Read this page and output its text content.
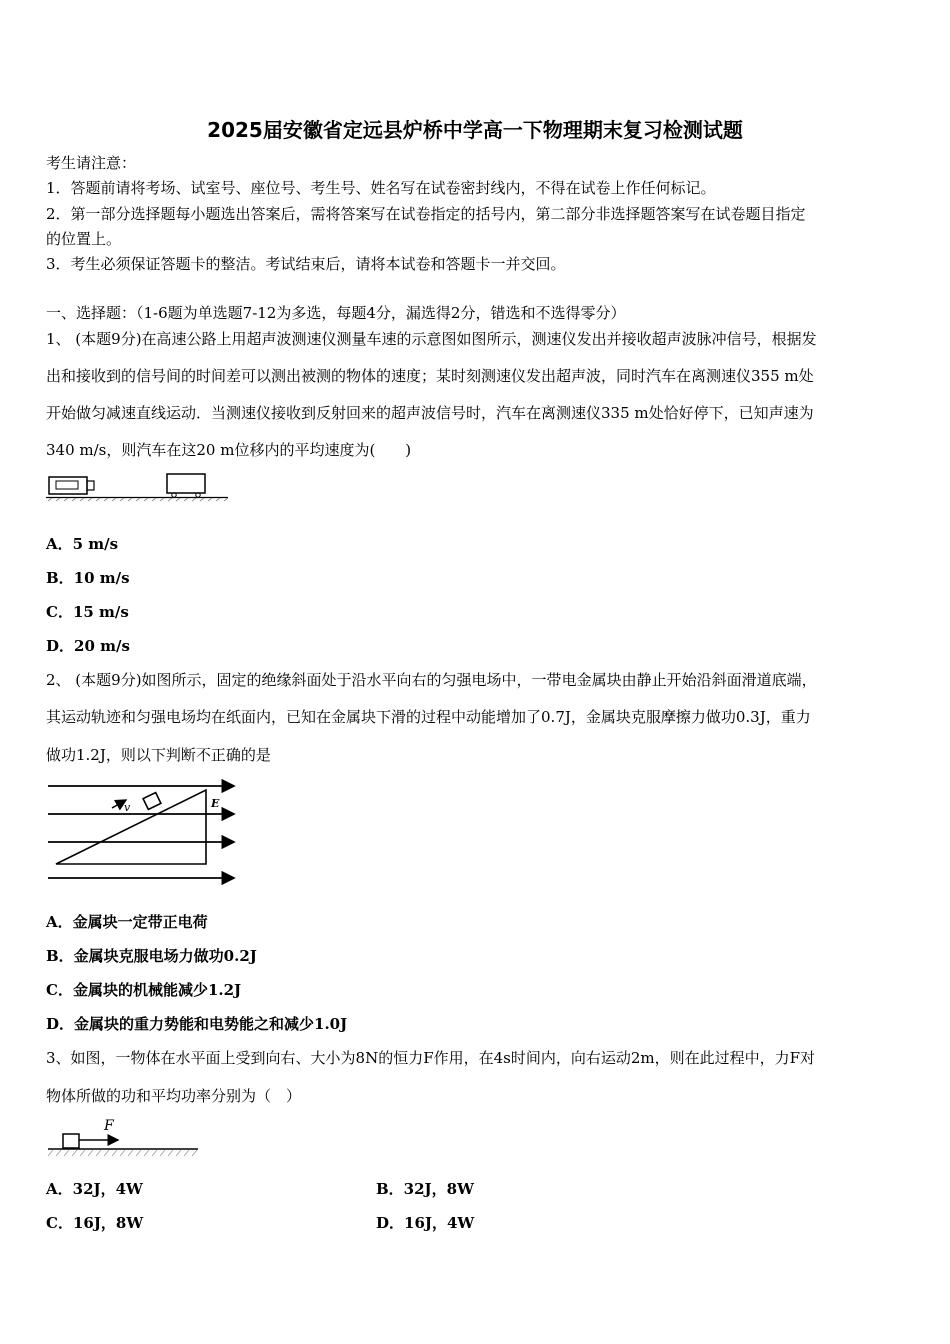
2025届安徽省定远县炉桥中学高一下物理期末复习检测试题
考生请注意：
1．答题前请将考场、试室号、座位号、考生号、姓名写在试卷密封线内，不得在试卷上作任何标记。
2．第一部分选择题每小题选出答案后，需将答案写在试卷指定的括号内，第二部分非选择题答案写在试卷题目指定
的位置上。
3．考生必须保证答题卡的整洁。考试结束后，请将本试卷和答题卡一并交回。
一、选择题：（1-6题为单选题7-12为多选，每题4分，漏选得2分，错选和不选得零分）
1、 (本题9分)在高速公路上用超声波测速仪测量车速的示意图如图所示，测速仪发出并接收超声波脉冲信号，根据发
出和接收到的信号间的时间差可以测出被测的物体的速度；某时刻测速仪发出超声波，同时汽车在离测速仪355 m处
开始做匀减速直线运动．当测速仪接收到反射回来的超声波信号时，汽车在离测速仪335 m处恰好停下，已知声速为
340 m/s，则汽车在这20 m位移内的平均速度为(　　)
A．5 m/s
B．10 m/s
C．15 m/s
D．20 m/s
2、 (本题9分)如图所示，固定的绝缘斜面处于沿水平向右的匀强电场中，一带电金属块由静止开始沿斜面滑道底端，
其运动轨迹和匀强电场均在纸面内，已知在金属块下滑的过程中动能增加了0.7J，金属块克服摩擦力做功0.3J，重力
做功1.2J，则以下判断不正确的是
v	E
A．金属块一定带正电荷
B．金属块克服电场力做功0.2J
C．金属块的机械能减少1.2J
D．金属块的重力势能和电势能之和减少1.0J
3、如图，一物体在水平面上受到向右、大小为8N的恒力F作用，在4s时间内，向右运动2m，则在此过程中，力F对
物体所做的功和平均功率分别为（　）
F
A．32J，4W	B．32J，8W
C．16J，8W	D．16J，4W
